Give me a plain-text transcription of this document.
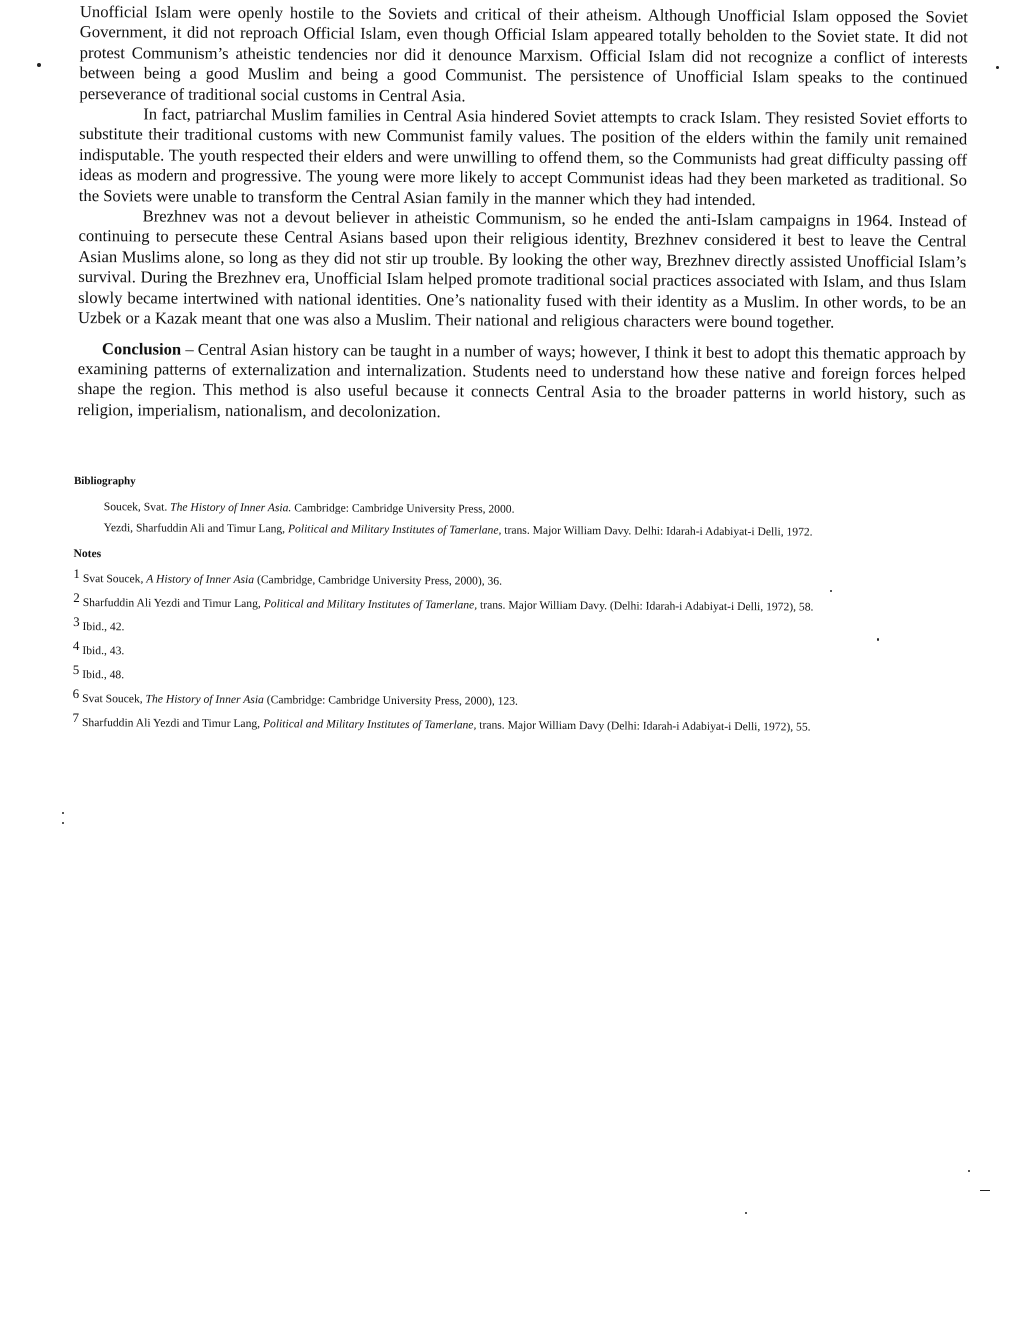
Unofficial Islam were openly hostile to the Soviets and critical of their atheism. Although Unofficial Islam opposed the Soviet Government, it did not reproach Official Islam, even though Official Islam appeared totally beholden to the Soviet state. It did not protest Communism’s atheistic tendencies nor did it denounce Marxism. Official Islam did not recognize a conflict of interests between being a good Muslim and being a good Communist. The persistence of Unofficial Islam speaks to the continued perseverance of traditional social customs in Central Asia.

In fact, patriarchal Muslim families in Central Asia hindered Soviet attempts to crack Islam. They resisted Soviet efforts to substitute their traditional customs with new Communist family values. The position of the elders within the family unit remained indisputable. The youth respected their elders and were unwilling to offend them, so the Communists had great difficulty passing off ideas as modern and progressive. The young were more likely to accept Communist ideas had they been marketed as traditional. So the Soviets were unable to transform the Central Asian family in the manner which they had intended.

Brezhnev was not a devout believer in atheistic Communism, so he ended the anti-Islam campaigns in 1964. Instead of continuing to persecute these Central Asians based upon their religious identity, Brezhnev considered it best to leave the Central Asian Muslims alone, so long as they did not stir up trouble. By looking the other way, Brezhnev directly assisted Unofficial Islam’s survival. During the Brezhnev era, Unofficial Islam helped promote traditional social practices associated with Islam, and thus Islam slowly became intertwined with national identities. One’s nationality fused with their identity as a Muslim. In other words, to be an Uzbek or a Kazak meant that one was also a Muslim. Their national and religious characters were bound together.

Conclusion – Central Asian history can be taught in a number of ways; however, I think it best to adopt this thematic approach by examining patterns of externalization and internalization. Students need to understand how these native and foreign forces helped shape the region. This method is also useful because it connects Central Asia to the broader patterns in world history, such as religion, imperialism, nationalism, and decolonization.

Bibliography
Soucek, Svat. The History of Inner Asia. Cambridge: Cambridge University Press, 2000.
Yezdi, Sharfuddin Ali and Timur Lang, Political and Military Institutes of Tamerlane, trans. Major William Davy. Delhi: Idarah-i Adabiyat-i Delli, 1972.
Notes
$^1$ Svat Soucek, A History of Inner Asia (Cambridge, Cambridge University Press, 2000), 36.
$^2$ Sharfuddin Ali Yezdi and Timur Lang, Political and Military Institutes of Tamerlane, trans. Major William Davy. (Delhi: Idarah-i Adabiyat-i Delli, 1972), 58.
$^3$ Ibid., 42.
$^4$ Ibid., 43.
$^5$ Ibid., 48.
$^6$ Svat Soucek, The History of Inner Asia (Cambridge: Cambridge University Press, 2000), 123.
$^7$ Sharfuddin Ali Yezdi and Timur Lang, Political and Military Institutes of Tamerlane, trans. Major William Davy (Delhi: Idarah-i Adabiyat-i Delli, 1972), 55.
